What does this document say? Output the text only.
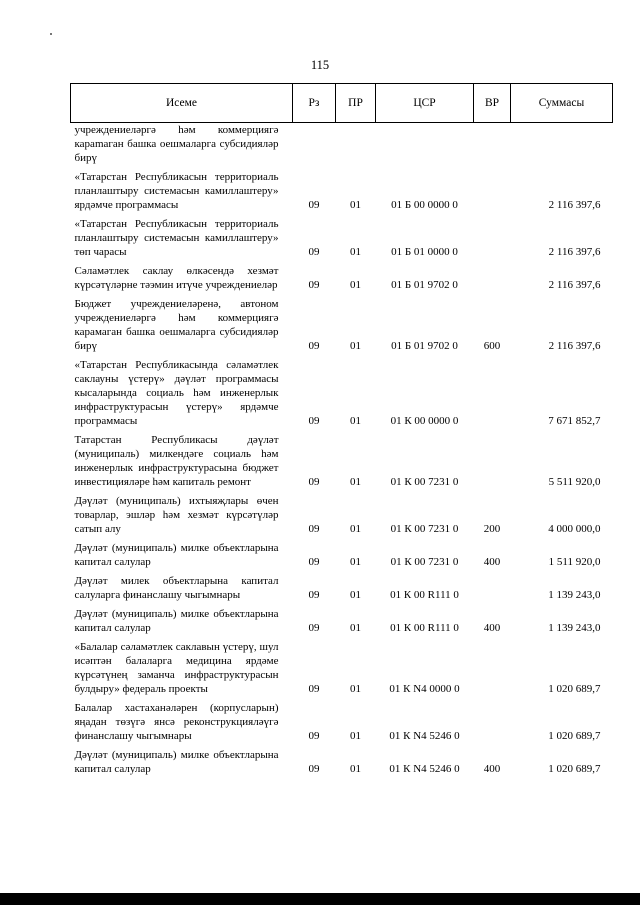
115
Исеме	Рз	ПР	ЦСР	ВР	Суммасы
учреждениеләргә һәм коммерциягә караmаган башка оешмаларга субсидияләр бирү					
«Татарстан Республикасын территориаль планлаштыру системасын камиллаштеру» ярдәмче программасы	09	01	01 Б 00 0000 0		2 116 397,6
«Татарстан Республикасын территориаль планлаштыру системасын камиллаштеру» төп чарасы	09	01	01 Б 01 0000 0		2 116 397,6
Сәламәтлек саклау өлкәсендә хезмәт күрсәтүләрне тәэмин итүче учреждениеләр	09	01	01 Б 01 9702 0		2 116 397,6
Бюджет учреждениеләренә, автоном учреждениеләргә һәм коммерциягә карамаган башка оешмаларга субсидияләр бирү	09	01	01 Б 01 9702 0	600	2 116 397,6
«Татарстан Республикасында сәламәтлек саклауны үстерү» дәүләт программасы кысаларында социаль һәм инженерлык инфраструктурасын үстерү» ярдәмче программасы	09	01	01 К 00 0000 0		7 671 852,7
Татарстан Республикасы дәүләт (муниципаль) милкендәге социаль һәм инженерлык инфраструктурасына бюджет инвестицияләре һәм капиталь ремонт	09	01	01 К 00 7231 0		5 511 920,0
Дәүләт (муниципаль) ихтыяҗлары өчен товарлар, эшләр һәм хезмәт күрсәтүләр сатып алу	09	01	01 К 00 7231 0	200	4 000 000,0
Дәүләт (муниципаль) милке объектларына капитал салулар	09	01	01 К 00 7231 0	400	1 511 920,0
Дәүләт милек объектларына капитал салуларга финанслашу чыгымнары	09	01	01 К 00 R111 0		1 139 243,0
Дәүләт (муниципаль) милке объектларына капитал салулар	09	01	01 К 00 R111 0	400	1 139 243,0
«Балалар сәламәтлек саклавын үстерү, шул исәптән балаларга медицина ярдәме күрсәтүнең заманча инфраструктурасын булдыру» федераль проекты	09	01	01 К N4 0000 0		1 020 689,7
Балалар хастаханәләрен (корпусларын) яңадан төзүгә янсә реконструкцияләүгә финанслашу чыгымнары	09	01	01 К N4 5246 0		1 020 689,7
Дәүләт (муниципаль) милке объектларына капитал салулар	09	01	01 К N4 5246 0	400	1 020 689,7
